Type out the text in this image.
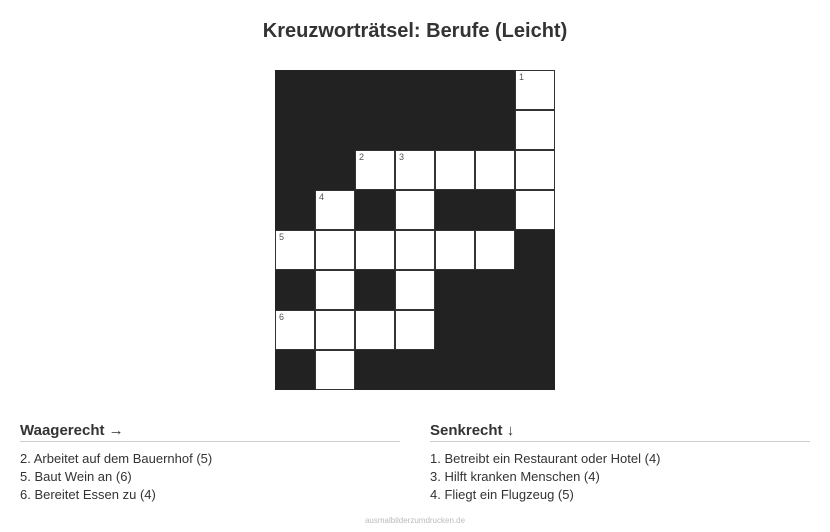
Kreuzworträtsel: Berufe (Leicht)
1
2	3
4
5
6
Waagerecht →
2. Arbeitet auf dem Bauernhof (5)
5. Baut Wein an (6)
6. Bereitet Essen zu (4)
Senkrecht ↓
1. Betreibt ein Restaurant oder Hotel (4)
3. Hilft kranken Menschen (4)
4. Fliegt ein Flugzeug (5)
ausmalbilderzumdrucken.de
